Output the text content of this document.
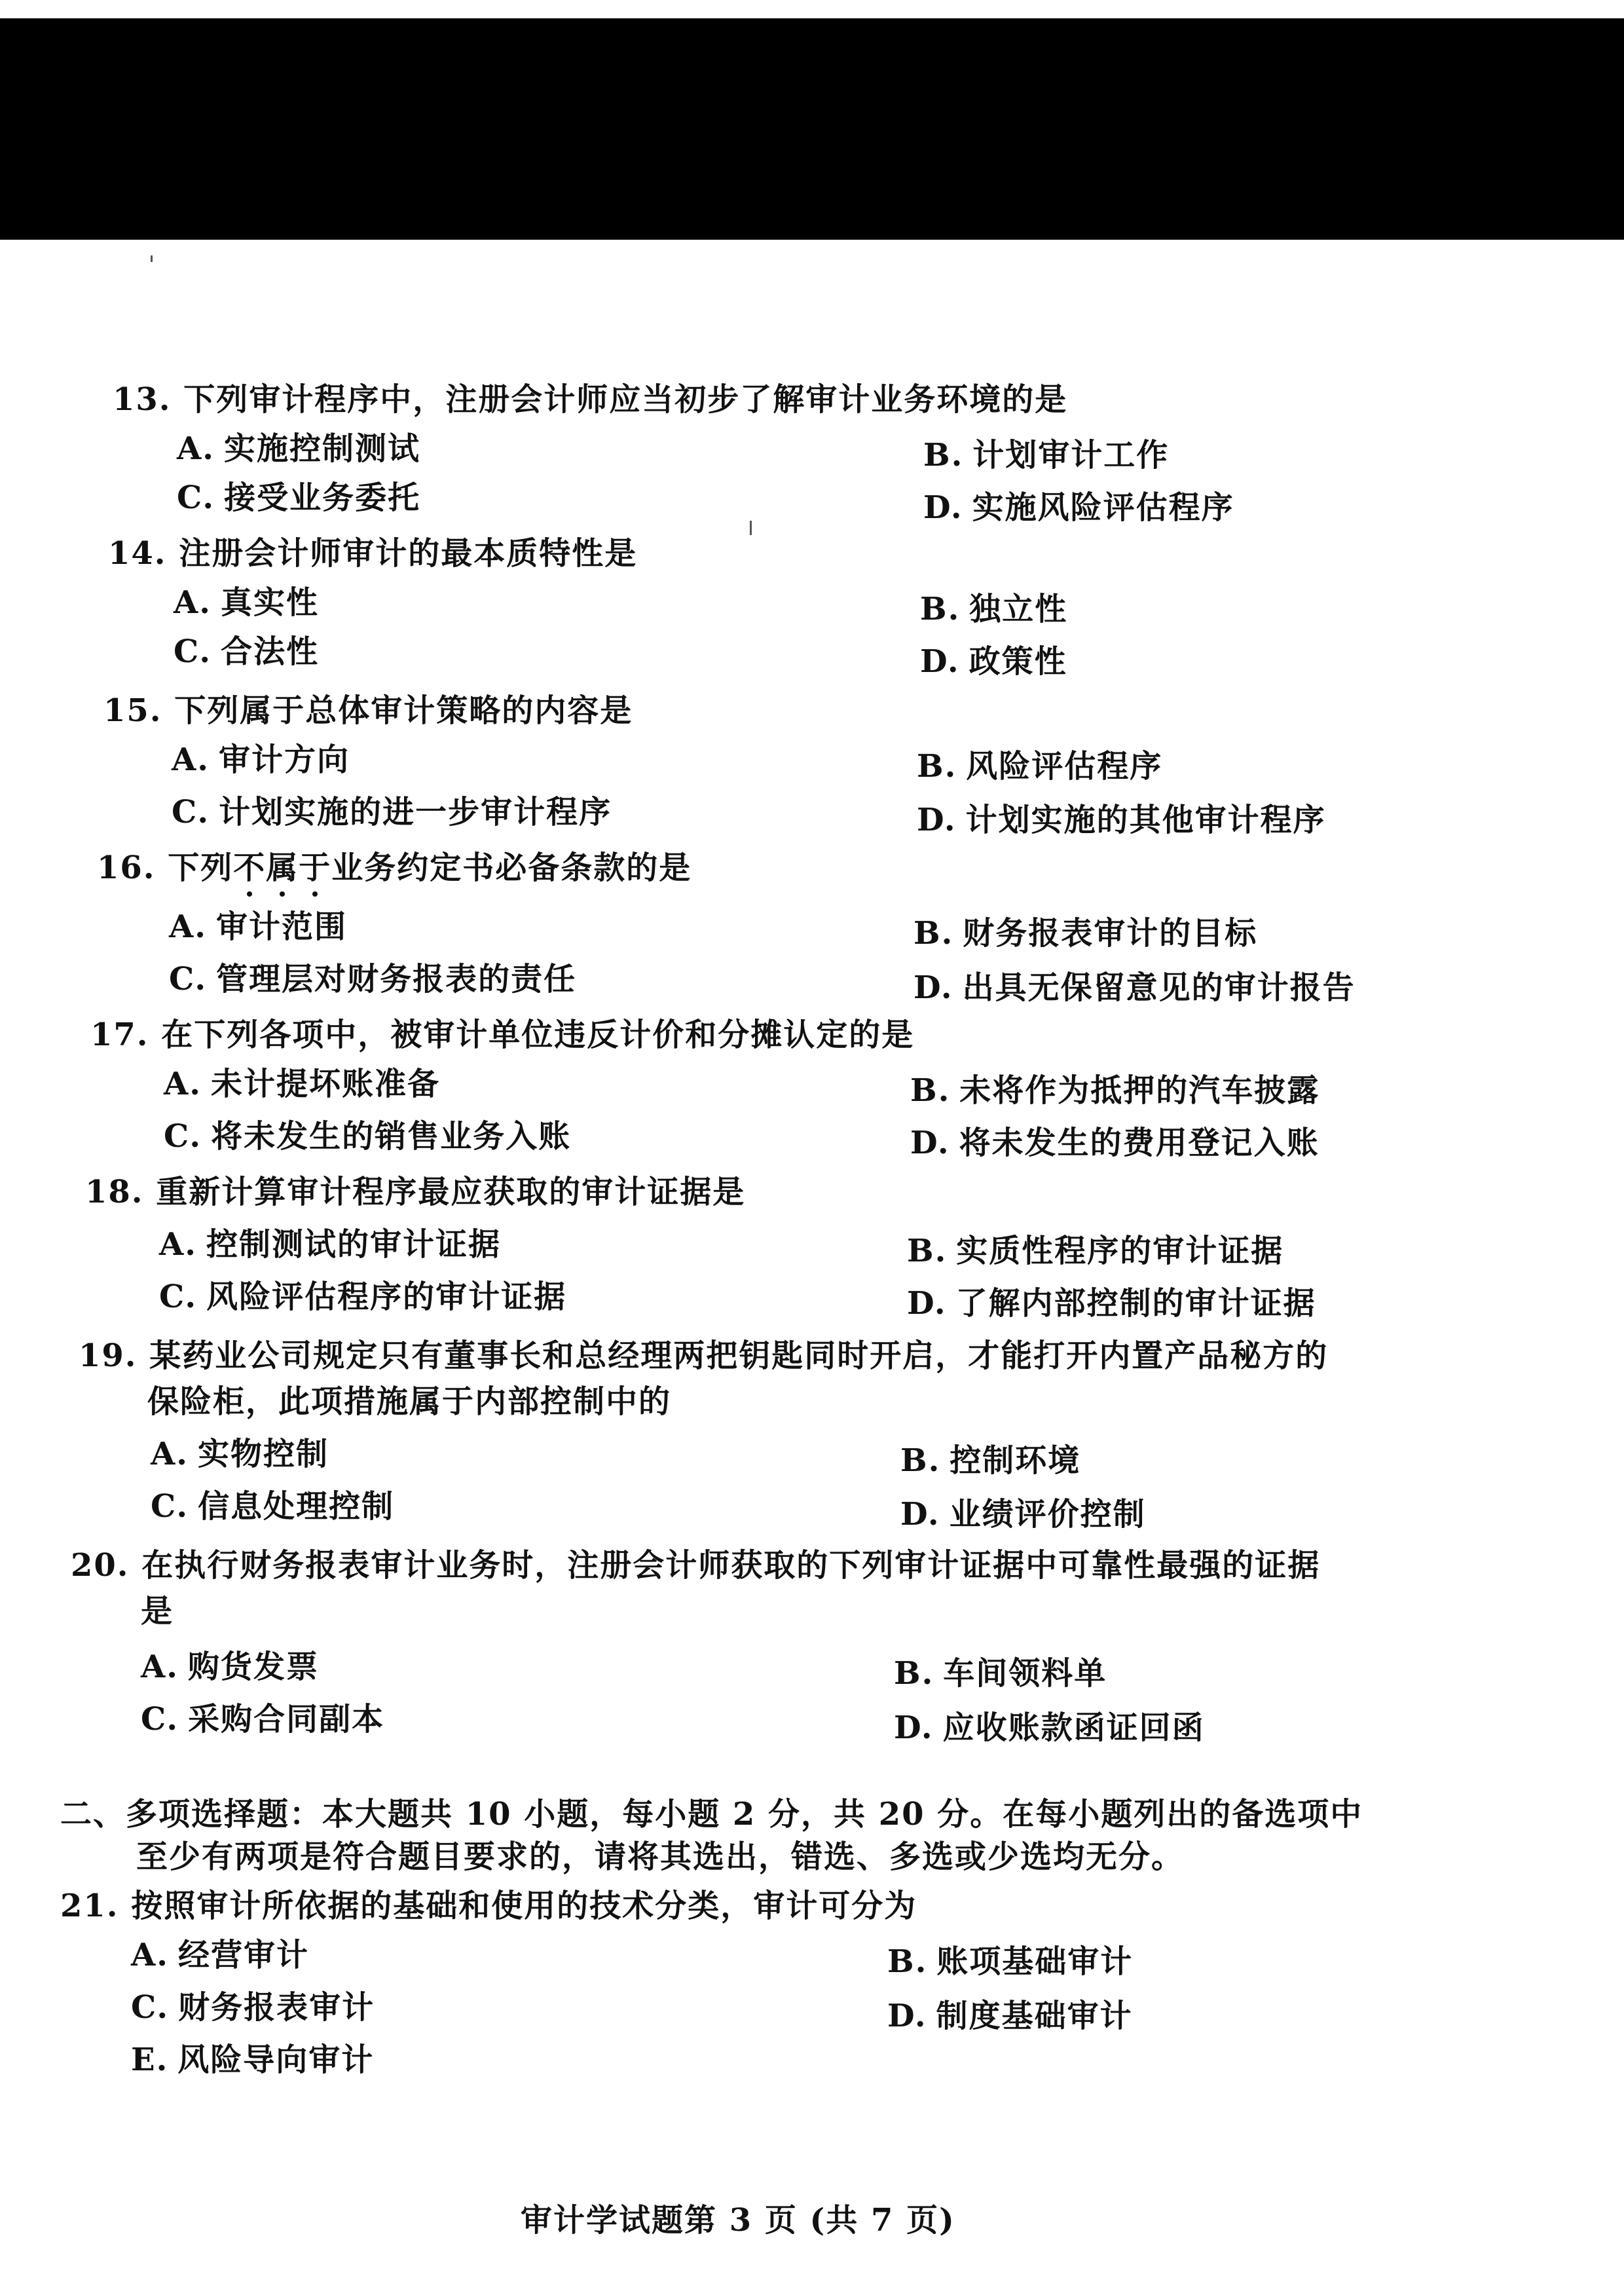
13. 下列审计程序中，注册会计师应当初步了解审计业务环境的是
A. 实施控制测试	B. 计划审计工作
C. 接受业务委托	D. 实施风险评估程序
14. 注册会计师审计的最本质特性是
A. 真实性	B. 独立性
C. 合法性	D. 政策性
15. 下列属于总体审计策略的内容是
A. 审计方向	B. 风险评估程序
C. 计划实施的进一步审计程序	D. 计划实施的其他审计程序
16. 下列不属于业务约定书必备条款的是
A. 审计范围	B. 财务报表审计的目标
C. 管理层对财务报表的责任	D. 出具无保留意见的审计报告
17. 在下列各项中，被审计单位违反计价和分摊认定的是
A. 未计提坏账准备	B. 未将作为抵押的汽车披露
C. 将未发生的销售业务入账	D. 将未发生的费用登记入账
18. 重新计算审计程序最应获取的审计证据是
A. 控制测试的审计证据	B. 实质性程序的审计证据
C. 风险评估程序的审计证据	D. 了解内部控制的审计证据
19. 某药业公司规定只有董事长和总经理两把钥匙同时开启，才能打开内置产品秘方的
保险柜，此项措施属于内部控制中的
A. 实物控制	B. 控制环境
C. 信息处理控制	D. 业绩评价控制
20. 在执行财务报表审计业务时，注册会计师获取的下列审计证据中可靠性最强的证据
是
A. 购货发票	B. 车间领料单
C. 采购合同副本	D. 应收账款函证回函
二、多项选择题：本大题共 10 小题，每小题 2 分，共 20 分。在每小题列出的备选项中
至少有两项是符合题目要求的，请将其选出，错选、多选或少选均无分。
21. 按照审计所依据的基础和使用的技术分类，审计可分为
A. 经营审计	B. 账项基础审计
C. 财务报表审计	D. 制度基础审计
E. 风险导向审计
审计学试题第 3 页 (共 7 页)
